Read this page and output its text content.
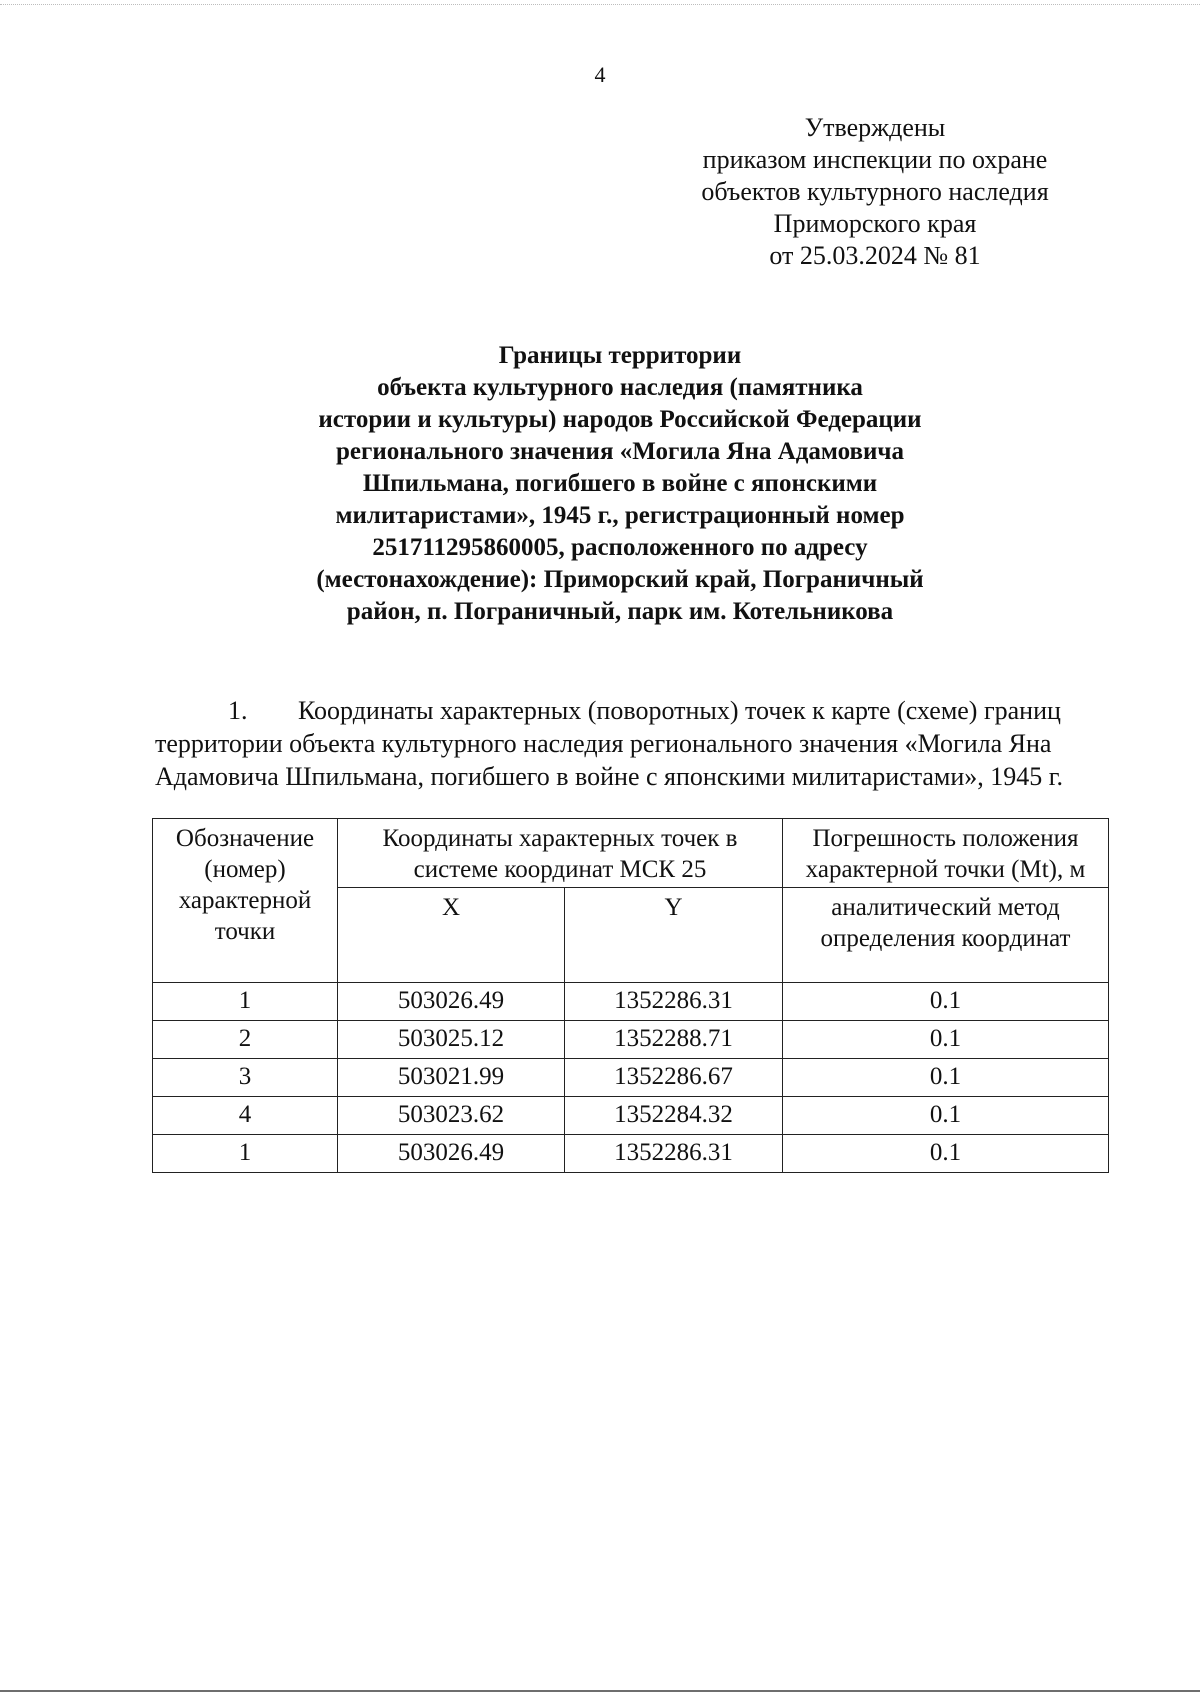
4
Утверждены
приказом инспекции по охране
объектов культурного наследия
Приморского края
от 25.03.2024 № 81
Границы территории
объекта культурного наследия (памятника
истории и культуры) народов Российской Федерации
регионального значения «Могила Яна Адамовича
Шпильмана, погибшего в войне с японскими
милитаристами», 1945 г., регистрационный номер
251711295860005, расположенного по адресу
(местонахождение): Приморский край, Пограничный
район, п. Пограничный, парк им. Котельникова
1. Координаты характерных (поворотных) точек к карте (схеме) границ
территории объекта культурного наследия регионального значения «Могила Яна
Адамовича Шпильмана, погибшего в войне с японскими милитаристами», 1945 г.
Обозначение (номер) характерной точки	Координаты характерных точек в системе координат МСК 25		Погрешность положения характерной точки (Mt), м
	X	Y	аналитический метод определения координат
1	503026.49	1352286.31	0.1
2	503025.12	1352288.71	0.1
3	503021.99	1352286.67	0.1
4	503023.62	1352284.32	0.1
1	503026.49	1352286.31	0.1
